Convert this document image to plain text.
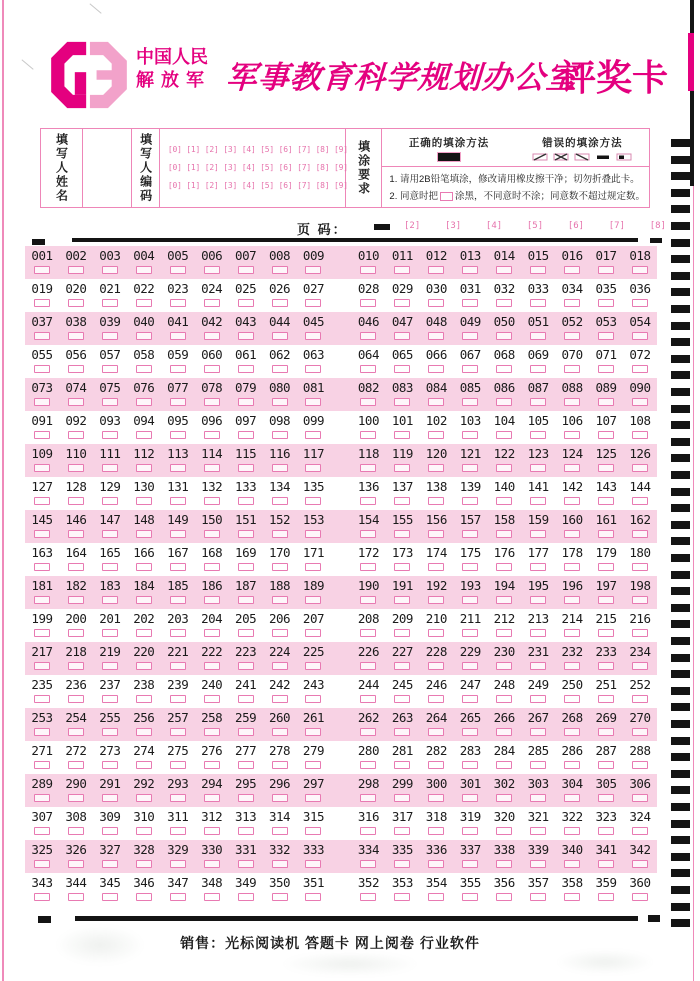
中国人民
解放军 军事教育科学规划办公室
评奖卡
填写人姓名	填写人编码 [0] [1] [2] [3] [4] [5] [6] [7] [8] [9]
[0] [1] [2] [3] [4] [5] [6] [7] [8] [9]
[0] [1] [2] [3] [4] [5] [6] [7] [8] [9] 填涂要求	正确的填涂方法	错误的填涂方法
1. 请用2B铅笔填涂，修改请用橡皮擦干净；切勿折叠此卡。
2. 同意时把 涂黑，不同意时不涂；同意数不超过规定数。
页 码：	[2]	[3]	[4]	[5]	[6]	[7]	[8]
001 002 003 004 005 006 007 008 009	010 011 012 013 014 015 016 017 018
019 020 021 022 023 024 025 026 027	028 029 030 031 032 033 034 035 036
037 038 039 040 041 042 043 044 045	046 047 048 049 050 051 052 053 054
055 056 057 058 059 060 061 062 063	064 065 066 067 068 069 070 071 072
073 074 075 076 077 078 079 080 081	082 083 084 085 086 087 088 089 090
091 092 093 094 095 096 097 098 099	100 101 102 103 104 105 106 107 108
109 110 111 112 113 114 115 116 117	118 119 120 121 122 123 124 125 126
127 128 129 130 131 132 133 134 135	136 137 138 139 140 141 142 143 144
145 146 147 148 149 150 151 152 153	154 155 156 157 158 159 160 161 162
163 164 165 166 167 168 169 170 171	172 173 174 175 176 177 178 179 180
181 182 183 184 185 186 187 188 189	190 191 192 193 194 195 196 197 198
199 200 201 202 203 204 205 206 207	208 209 210 211 212 213 214 215 216
217 218 219 220 221 222 223 224 225	226 227 228 229 230 231 232 233 234
235 236 237 238 239 240 241 242 243	244 245 246 247 248 249 250 251 252
253 254 255 256 257 258 259 260 261	262 263 264 265 266 267 268 269 270
271 272 273 274 275 276 277 278 279	280 281 282 283 284 285 286 287 288
289 290 291 292 293 294 295 296 297	298 299 300 301 302 303 304 305 306
307 308 309 310 311 312 313 314 315	316 317 318 319 320 321 322 323 324
325 326 327 328 329 330 331 332 333	334 335 336 337 338 339 340 341 342
343 344 345 346 347 348 349 350 351	352 353 354 355 356 357 358 359 360
销售：光标阅读机 答题卡 网上阅卷 行业软件
